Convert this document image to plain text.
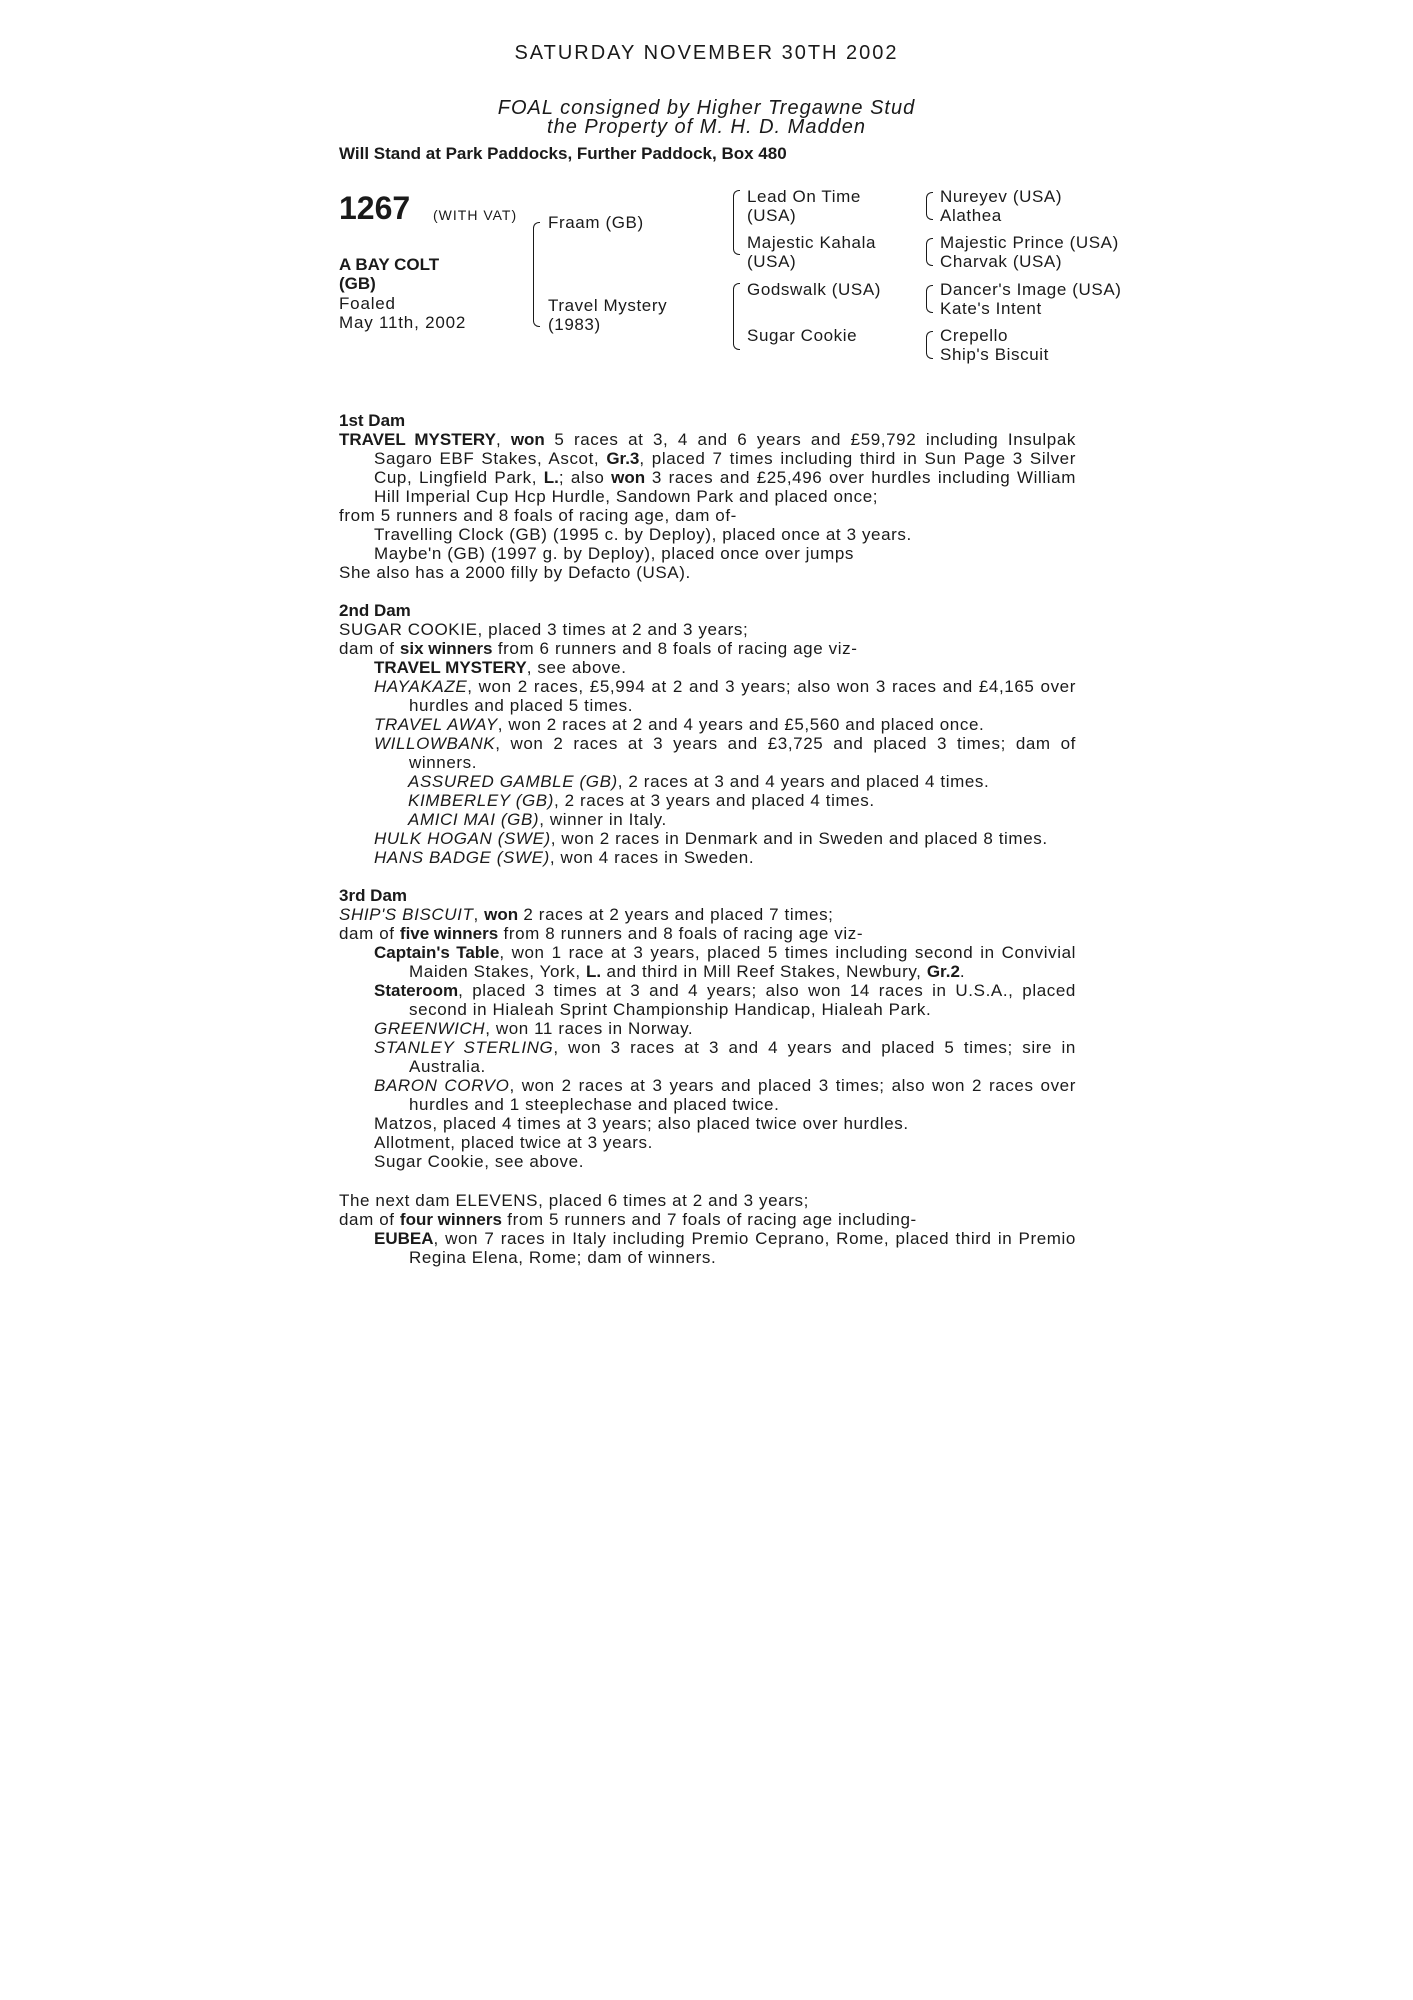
SATURDAY NOVEMBER 30TH 2002
FOAL consigned by Higher Tregawne Stud
the Property of M. H. D. Madden
Will Stand at Park Paddocks, Further Paddock, Box 480
1267 (WITH VAT)
A BAY COLT (GB)
Foaled
May 11th, 2002
Fraam (GB)
Travel Mystery
(1983)
Lead On Time
(USA)
Majestic Kahala
(USA)
Godswalk (USA)
Sugar Cookie
Nureyev (USA)
Alathea
Majestic Prince (USA)
Charvak (USA)
Dancer's Image (USA)
Kate's Intent
Crepello
Ship's Biscuit

1st Dam

TRAVEL MYSTERY, won 5 races at 3, 4 and 6 years and £59,792 including Insulpak Sagaro EBF Stakes, Ascot, Gr.3, placed 7 times including third in Sun Page 3 Silver Cup, Lingfield Park, L.; also won 3 races and £25,496 over hurdles including William Hill Imperial Cup Hcp Hurdle, Sandown Park and placed once;

from 5 runners and 8 foals of racing age, dam of-

Travelling Clock (GB) (1995 c. by Deploy), placed once at 3 years.

Maybe'n (GB) (1997 g. by Deploy), placed once over jumps

She also has a 2000 filly by Defacto (USA).

2nd Dam

SUGAR COOKIE, placed 3 times at 2 and 3 years;

dam of six winners from 6 runners and 8 foals of racing age viz-

TRAVEL MYSTERY, see above.

HAYAKAZE, won 2 races, £5,994 at 2 and 3 years; also won 3 races and £4,165 over hurdles and placed 5 times.

TRAVEL AWAY, won 2 races at 2 and 4 years and £5,560 and placed once.

WILLOWBANK, won 2 races at 3 years and £3,725 and placed 3 times; dam of winners.

ASSURED GAMBLE (GB), 2 races at 3 and 4 years and placed 4 times.

KIMBERLEY (GB), 2 races at 3 years and placed 4 times.

AMICI MAI (GB), winner in Italy.

HULK HOGAN (SWE), won 2 races in Denmark and in Sweden and placed 8 times.

HANS BADGE (SWE), won 4 races in Sweden.

3rd Dam

SHIP'S BISCUIT, won 2 races at 2 years and placed 7 times;

dam of five winners from 8 runners and 8 foals of racing age viz-

Captain's Table, won 1 race at 3 years, placed 5 times including second in Convivial Maiden Stakes, York, L. and third in Mill Reef Stakes, Newbury, Gr.2.

Stateroom, placed 3 times at 3 and 4 years; also won 14 races in U.S.A., placed second in Hialeah Sprint Championship Handicap, Hialeah Park.

GREENWICH, won 11 races in Norway.

STANLEY STERLING, won 3 races at 3 and 4 years and placed 5 times; sire in Australia.

BARON CORVO, won 2 races at 3 years and placed 3 times; also won 2 races over hurdles and 1 steeplechase and placed twice.

Matzos, placed 4 times at 3 years; also placed twice over hurdles.

Allotment, placed twice at 3 years.

Sugar Cookie, see above.

The next dam ELEVENS, placed 6 times at 2 and 3 years;

dam of four winners from 5 runners and 7 foals of racing age including-

EUBEA, won 7 races in Italy including Premio Ceprano, Rome, placed third in Premio Regina Elena, Rome; dam of winners.
